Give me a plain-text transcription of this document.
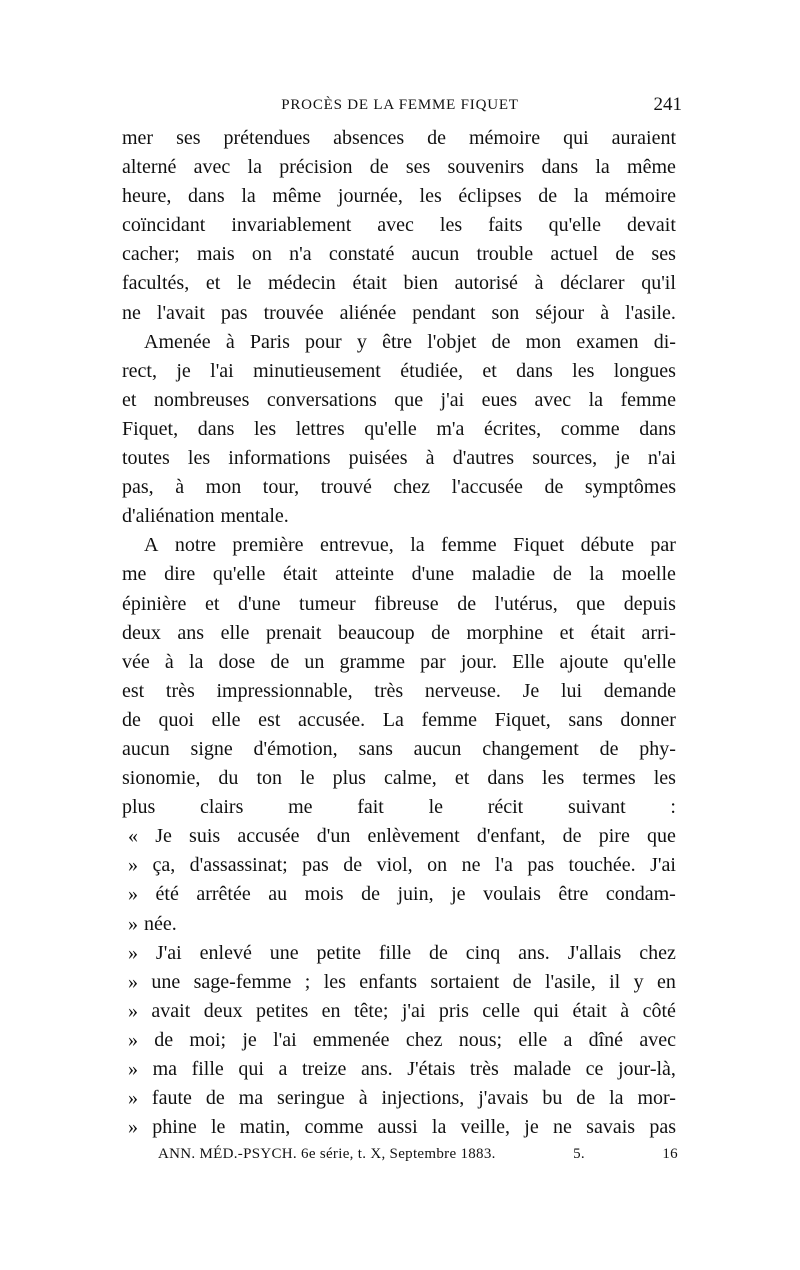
PROCÈS DE LA FEMME FIQUET	241
mer ses prétendues absences de mémoire qui auraient
alterné avec la précision de ses souvenirs dans la même
heure, dans la même journée, les éclipses de la mémoire
coïncidant invariablement avec les faits qu'elle devait
cacher; mais on n'a constaté aucun trouble actuel de ses
facultés, et le médecin était bien autorisé à déclarer qu'il
ne l'avait pas trouvée aliénée pendant son séjour à l'asile.
Amenée à Paris pour y être l'objet de mon examen di-
rect, je l'ai minutieusement étudiée, et dans les longues
et nombreuses conversations que j'ai eues avec la femme
Fiquet, dans les lettres qu'elle m'a écrites, comme dans
toutes les informations puisées à d'autres sources, je n'ai
pas, à mon tour, trouvé chez l'accusée de symptômes
d'aliénation mentale.
A notre première entrevue, la femme Fiquet débute par
me dire qu'elle était atteinte d'une maladie de la moelle
épinière et d'une tumeur fibreuse de l'utérus, que depuis
deux ans elle prenait beaucoup de morphine et était arri-
vée à la dose de un gramme par jour. Elle ajoute qu'elle
est très impressionnable, très nerveuse. Je lui demande
de quoi elle est accusée. La femme Fiquet, sans donner
aucun signe d'émotion, sans aucun changement de phy-
sionomie, du ton le plus calme, et dans les termes les
plus clairs me fait le récit suivant :
« Je suis accusée d'un enlèvement d'enfant, de pire que
» ça, d'assassinat; pas de viol, on ne l'a pas touchée. J'ai
» été arrêtée au mois de juin, je voulais être condam-
» née.
» J'ai enlevé une petite fille de cinq ans. J'allais chez
» une sage-femme ; les enfants sortaient de l'asile, il y en
» avait deux petites en tête; j'ai pris celle qui était à côté
» de moi; je l'ai emmenée chez nous; elle a dîné avec
» ma fille qui a treize ans. J'étais très malade ce jour-là,
» faute de ma seringue à injections, j'avais bu de la mor-
» phine le matin, comme aussi la veille, je ne savais pas
ANN. MÉD.-PSYCH. 6e série, t. X, Septembre 1883.	5.	16
